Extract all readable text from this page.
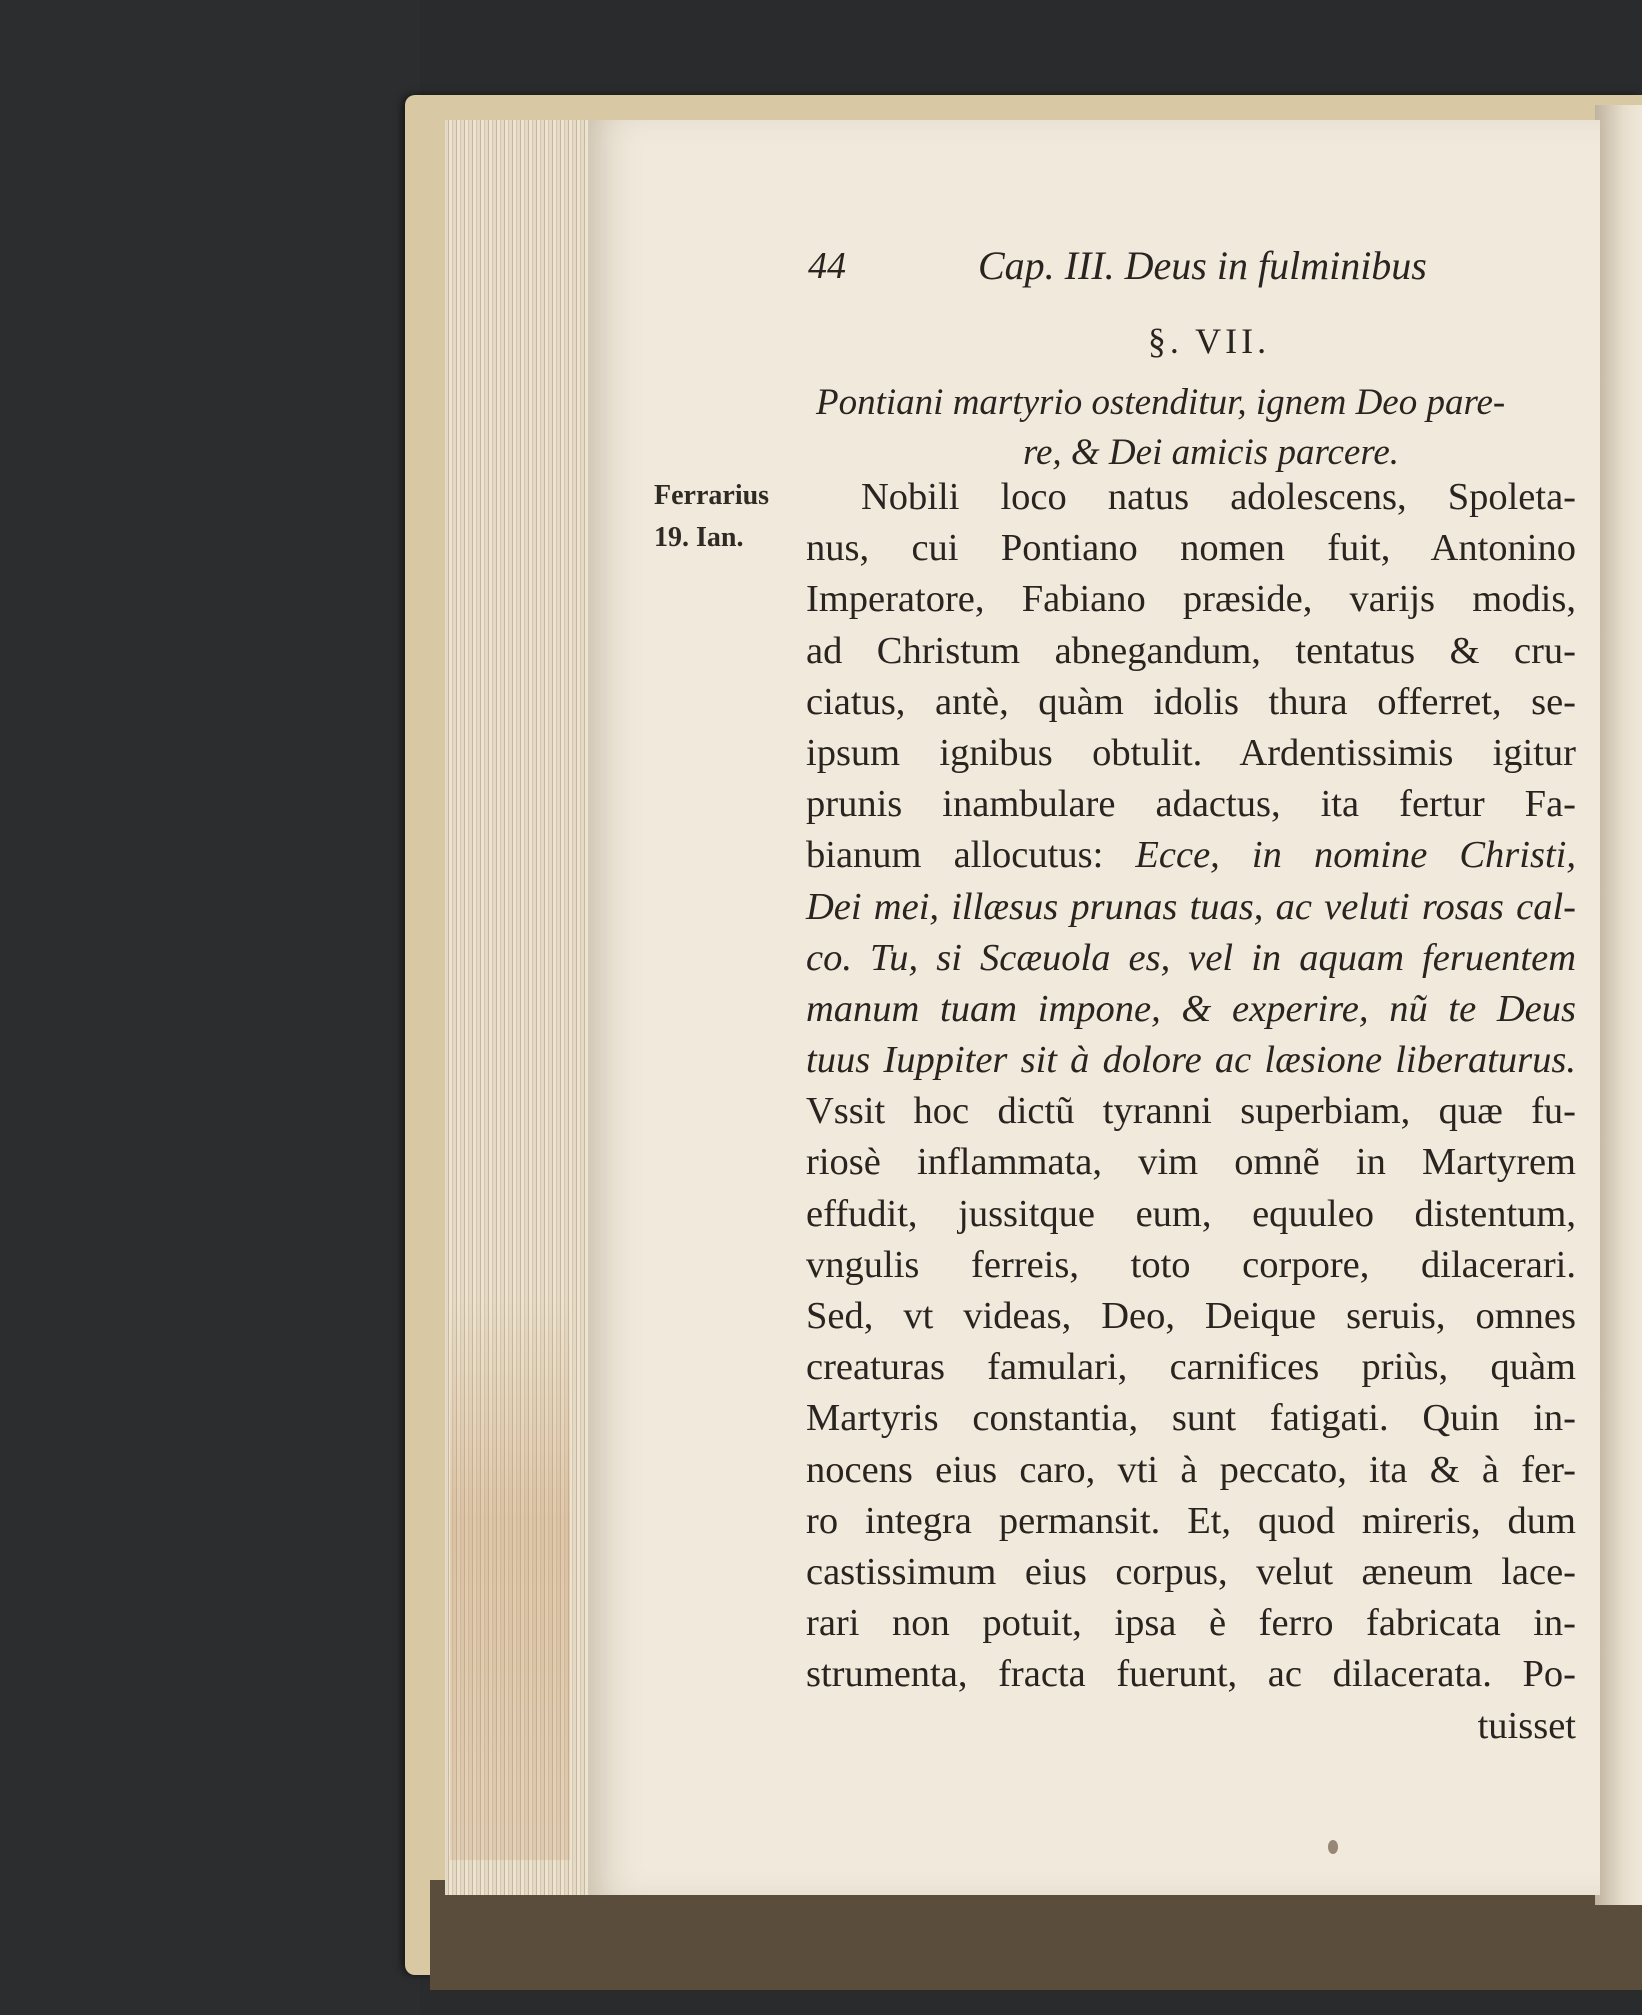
44	Cap. III. Deus in fulminibus
§. VII.
Pontiani martyrio ostenditur, ignem Deo pare-
re, & Dei amicis parcere.
Ferrarius
19. Ian.
Nobili loco natus adolescens, Spoleta-
nus, cui Pontiano nomen fuit, Antonino
Imperatore, Fabiano præside, varijs modis,
ad Christum abnegandum, tentatus & cru-
ciatus, antè, quàm idolis thura offerret, se-
ipsum ignibus obtulit. Ardentissimis igitur
prunis inambulare adactus, ita fertur Fa-
bianum allocutus: Ecce, in nomine Christi,
Dei mei, illæsus prunas tuas, ac veluti rosas cal-
co. Tu, si Scæuola es, vel in aquam feruentem
manum tuam impone, & experire, nũ te Deus
tuus Iuppiter sit à dolore ac læsione liberaturus.
Vssit hoc dictũ tyranni superbiam, quæ fu-
riosè inflammata, vim omnẽ in Martyrem
effudit, jussitque eum, equuleo distentum,
vngulis ferreis, toto corpore, dilacerari.
Sed, vt videas, Deo, Deique seruis, omnes
creaturas famulari, carnifices priùs, quàm
Martyris constantia, sunt fatigati. Quin in-
nocens eius caro, vti à peccato, ita & à fer-
ro integra permansit. Et, quod mireris, dum
castissimum eius corpus, velut æneum lace-
rari non potuit, ipsa è ferro fabricata in-
strumenta, fracta fuerunt, ac dilacerata. Po-
tuisset
